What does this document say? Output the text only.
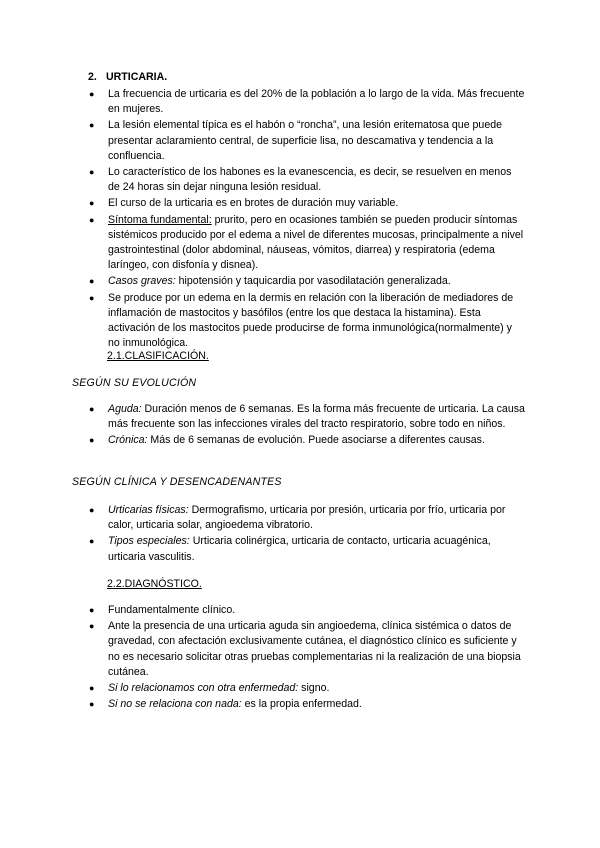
2. URTICARIA.
● La frecuencia de urticaria es del 20% de la población a lo largo de la vida. Más frecuente en mujeres.
● La lesión elemental típica es el habón o “roncha”, una lesión eritematosa que puede presentar aclaramiento central, de superficie lisa, no descamativa y tendencia a la confluencia.
● Lo característico de los habones es la evanescencia, es decir, se resuelven en menos de 24 horas sin dejar ninguna lesión residual.
● El curso de la urticaria es en brotes de duración muy variable.
● Síntoma fundamental: prurito, pero en ocasiones también se pueden producir síntomas sistémicos producido por el edema a nivel de diferentes mucosas, principalmente a nivel gastrointestinal (dolor abdominal, náuseas, vómitos, diarrea) y respiratoria (edema laríngeo, con disfonía y disnea).
● Casos graves: hipotensión y taquicardia por vasodilatación generalizada.
● Se produce por un edema en la dermis en relación con la liberación de mediadores de inflamación de mastocitos y basófilos (entre los que destaca la histamina). Esta activación de los mastocitos puede producirse de forma inmunológica(normalmente) y no inmunológica.
2.1.CLASIFICACIÓN.
SEGÚN SU EVOLUCIÓN
● Aguda: Duración menos de 6 semanas. Es la forma más frecuente de urticaria. La causa más frecuente son las infecciones virales del tracto respiratorio, sobre todo en niños.
● Crónica: Más de 6 semanas de evolución. Puede asociarse a diferentes causas.
SEGÚN CLÍNICA Y DESENCADENANTES
● Urticarias físicas: Dermografismo, urticaria por presión, urticaria por frío, urticaria por calor, urticaria solar, angioedema vibratorio.
● Tipos especiales: Urticaria colinérgica, urticaria de contacto, urticaria acuagénica, urticaria vasculitis.
2.2.DIAGNÓSTICO.
● Fundamentalmente clínico.
● Ante la presencia de una urticaria aguda sin angioedema, clínica sistémica o datos de gravedad, con afectación exclusivamente cutánea, el diagnóstico clínico es suficiente y no es necesario solicitar otras pruebas complementarias ni la realización de una biopsia cutánea.
● Si lo relacionamos con otra enfermedad: signo.
● Si no se relaciona con nada: es la propia enfermedad.
